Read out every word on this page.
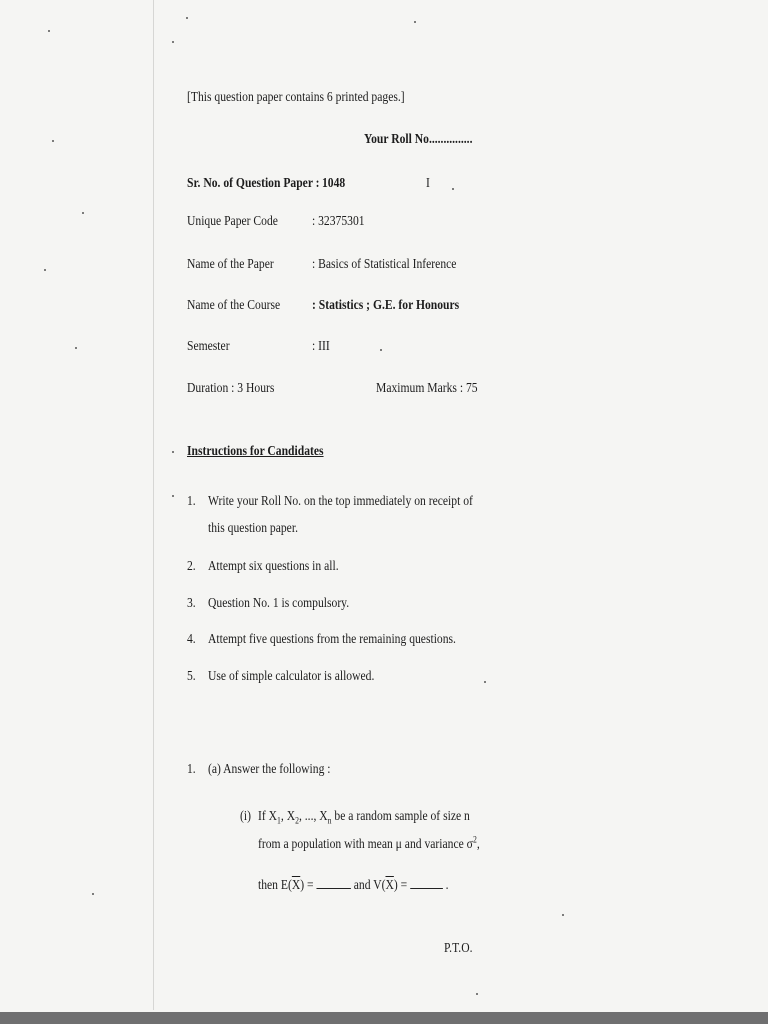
[This question paper contains 6 printed pages.]
Your Roll No...............
Sr. No. of Question Paper : 1048	I
Unique Paper Code	: 32375301
Name of the Paper	: Basics of Statistical Inference
Name of the Course : Statistics ; G.E. for Honours
Semester	: III
Duration : 3 Hours	Maximum Marks : 75
Instructions for Candidates
1. Write your Roll No. on the top immediately on receipt of
this question paper.
2. Attempt six questions in all.
3. Question No. 1 is compulsory.
4. Attempt five questions from the remaining questions.
5. Use of simple calculator is allowed.
1. (a) Answer the following :
(i) If $X_1$, $X_2$, ..., $X_n$ be a random sample of size n
from a population with mean μ and variance $\sigma^2$,
then $E(\overline{X})$ =	and $V(\overline{X})$ =  .
P.T.O.
